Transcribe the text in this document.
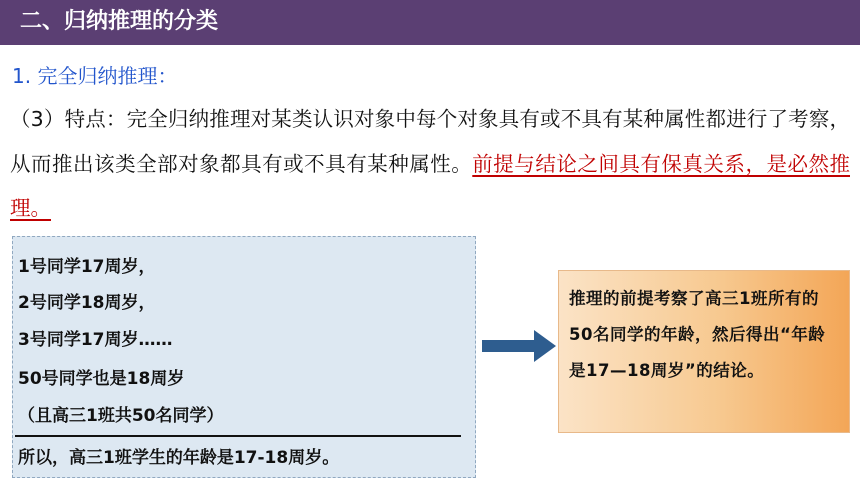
二、归纳推理的分类
1. 完全归纳推理：
（3）特点：完全归纳推理对某类认识对象中每个对象具有或不具有某种属性都进行了考察，从而推出该类全部对象都具有或不具有某种属性。前提与结论之间具有保真关系，是必然推理。
1号同学17周岁，
2号同学18周岁，
3号同学17周岁……
50号同学也是18周岁
（且高三1班共50名同学）
所以，高三1班学生的年龄是17-18周岁。
推理的前提考察了高三1班所有的50名同学的年龄，然后得出“年龄是17—18周岁”的结论。
